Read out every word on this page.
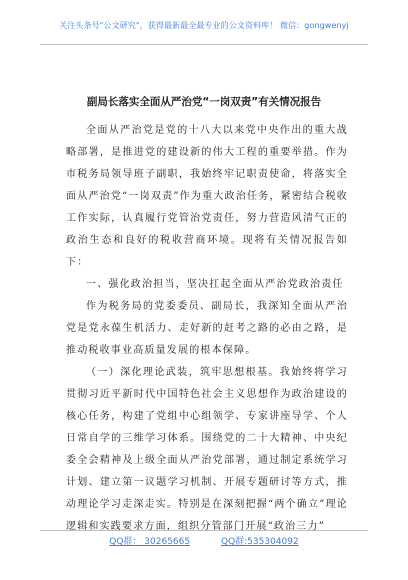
关注头条号"公文研究"，获得最新最全最专业的公文资料库！ 微信：gongwenyj
副局长落实全面从严治党“一岗双责”有关情况报告

全面从严治党是党的十八大以来党中央作出的重大战略部署，是推进党的建设新的伟大工程的重要举措。作为市税务局领导班子副职，我始终牢记职责使命，将落实全面从严治党“一岗双责”作为重大政治任务，紧密结合税收工作实际，认真履行党管治党责任，努力营造风清气正的政治生态和良好的税收营商环境。现将有关情况报告如下：

一、强化政治担当，坚决扛起全面从严治党政治责任

作为税务局的党委委员、副局长，我深知全面从严治党是党永葆生机活力、走好新的赶考之路的必由之路，是推动税收事业高质量发展的根本保障。

（一）深化理论武装，筑牢思想根基。我始终将学习贯彻习近平新时代中国特色社会主义思想作为政治建设的核心任务，构建了党组中心组领学、专家讲座导学、个人日常自学的三维学习体系。围绕党的二十大精神、中央纪委全会精神及上级全面从严治党部署，通过制定系统学习计划、建立第一议题学习机制、开展专题研讨等方式，推动理论学习走深走实。特别是在深刻把握“两个确立”理论逻辑和实践要求方面，组织分管部门开展“政治三力”

QQ群： 30265665	QQ群:535304092
